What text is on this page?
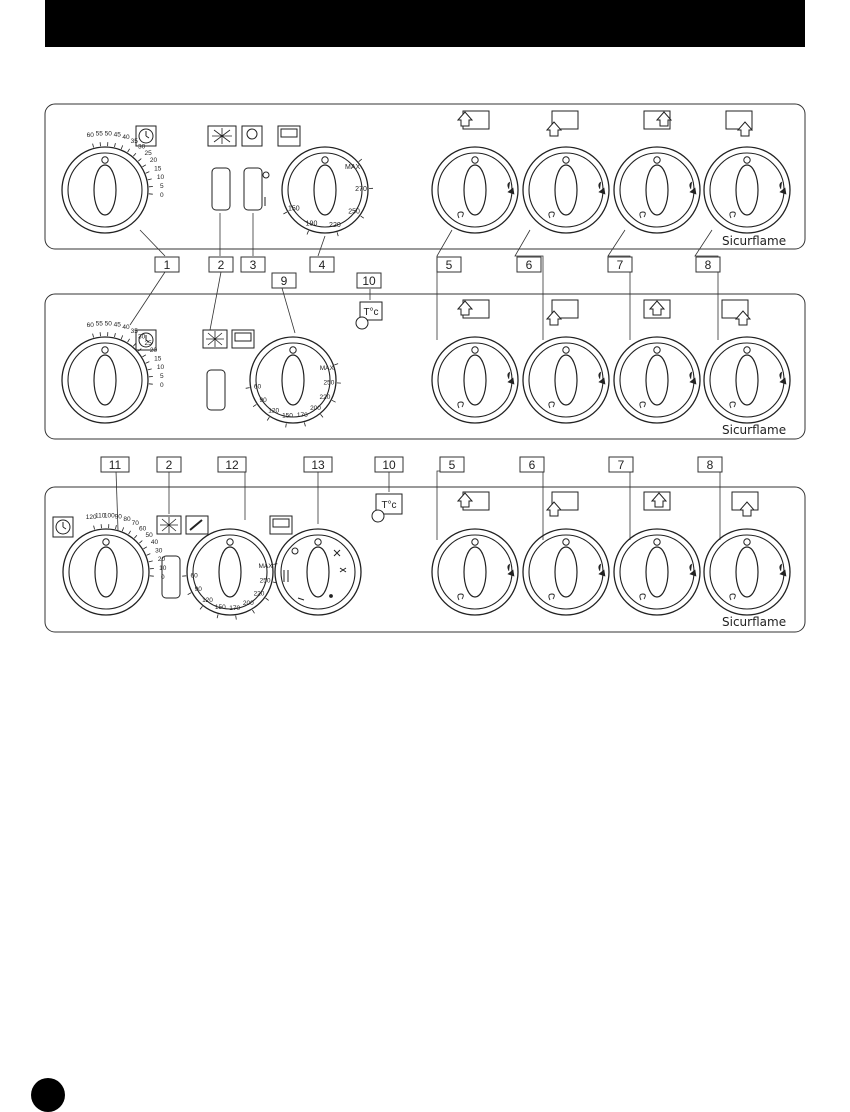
60 55 50 45 40
35
30
25
20
15
10
5
0
MAX
270
250
220
190
150
Sicurflame
1	2 3	4	5	6	7	8
9	10
60 55 50 45 40
35
30
25
20
15
10
5
0
MAX
250
220
200
170
150
120
90
60
T°c
Sicurflame
11	2	12	13	10	5	6	7	8
120
110
100 90 80
70
60
50
40
30
20
10
0
MAX
250
220
200
170
150
120
90
60
T°c
Sicurflame
